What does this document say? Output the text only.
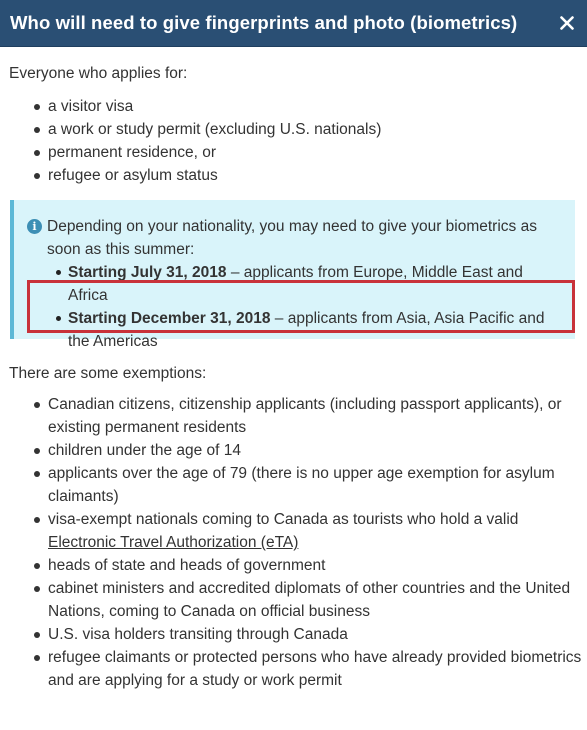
Who will need to give fingerprints and photo (biometrics)

Everyone who applies for:

a visitor visa
a work or study permit (excluding U.S. nationals)
permanent residence, or
refugee or asylum status
i Depending on your nationality, you may need to give your biometrics as soon as this summer:
Starting July 31, 2018 – applicants from Europe, Middle East and Africa
Starting December 31, 2018 – applicants from Asia, Asia Pacific and the Americas

There are some exemptions:

Canadian citizens, citizenship applicants (including passport applicants), or existing permanent residents
children under the age of 14
applicants over the age of 79 (there is no upper age exemption for asylum claimants)
visa-exempt nationals coming to Canada as tourists who hold a valid Electronic Travel Authorization (eTA)
heads of state and heads of government
cabinet ministers and accredited diplomats of other countries and the United Nations, coming to Canada on official business
U.S. visa holders transiting through Canada
refugee claimants or protected persons who have already provided biometrics and are applying for a study or work permit
